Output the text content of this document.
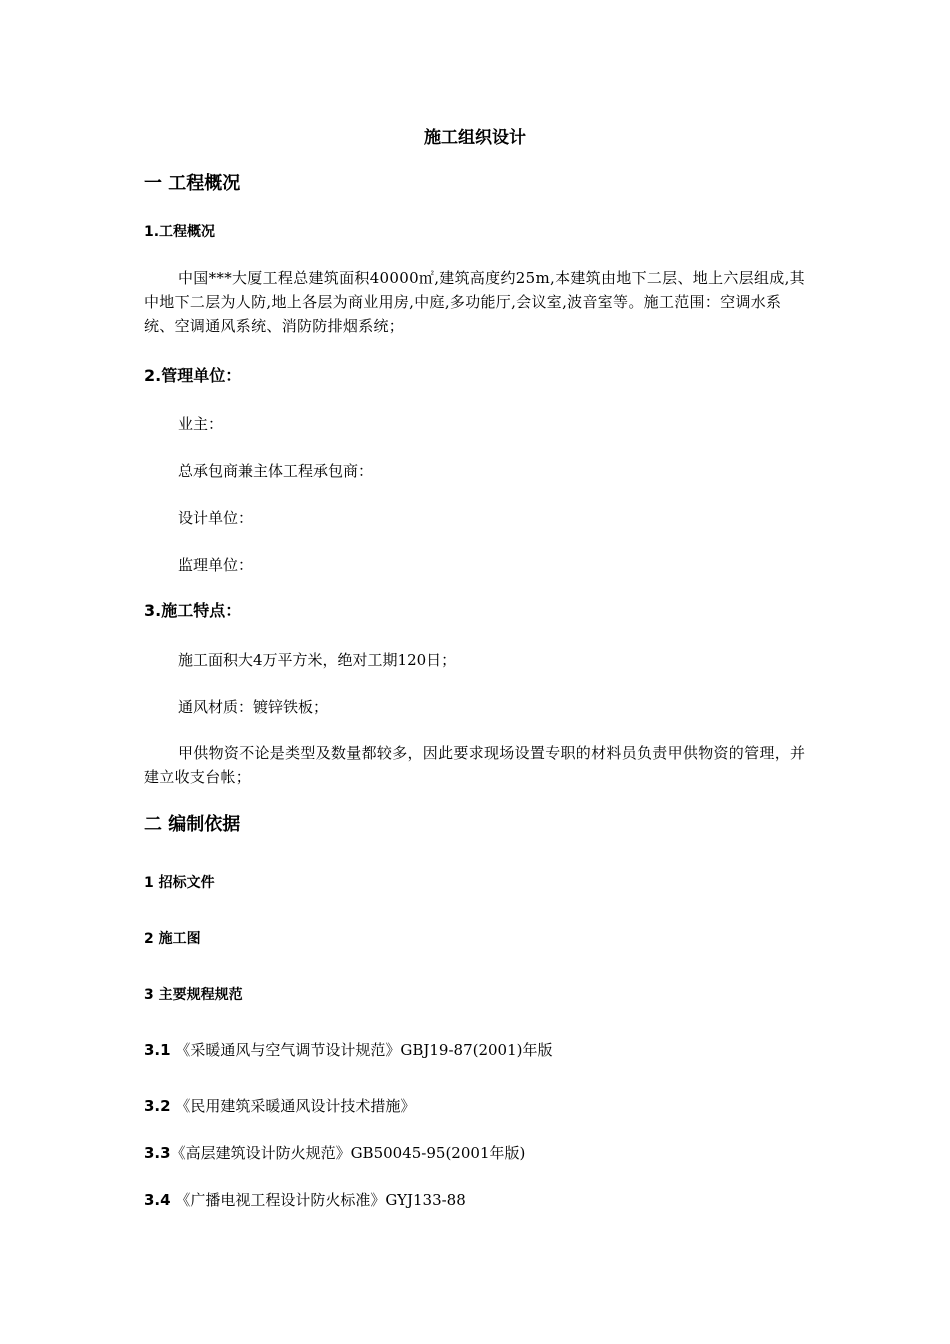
施工组织设计
一 工程概况
1.工程概况
中国***大厦工程总建筑面积40000㎡,建筑高度约25m,本建筑由地下二层、地上六层组成,其中地下二层为人防,地上各层为商业用房,中庭,多功能厅,会议室,波音室等。施工范围：空调水系统、空调通风系统、消防防排烟系统；
2.管理单位：
业主：
总承包商兼主体工程承包商：
设计单位：
监理单位：
3.施工特点：
施工面积大4万平方米，绝对工期120日；
通风材质：镀锌铁板；
甲供物资不论是类型及数量都较多，因此要求现场设置专职的材料员负责甲供物资的管理，并建立收支台帐；
二 编制依据
1 招标文件
2 施工图
3 主要规程规范
3.1 《采暖通风与空气调节设计规范》GBJ19-87(2001)年版
3.2 《民用建筑采暖通风设计技术措施》
3.3《高层建筑设计防火规范》GB50045-95(2001年版)
3.4 《广播电视工程设计防火标准》GYJ133-88
